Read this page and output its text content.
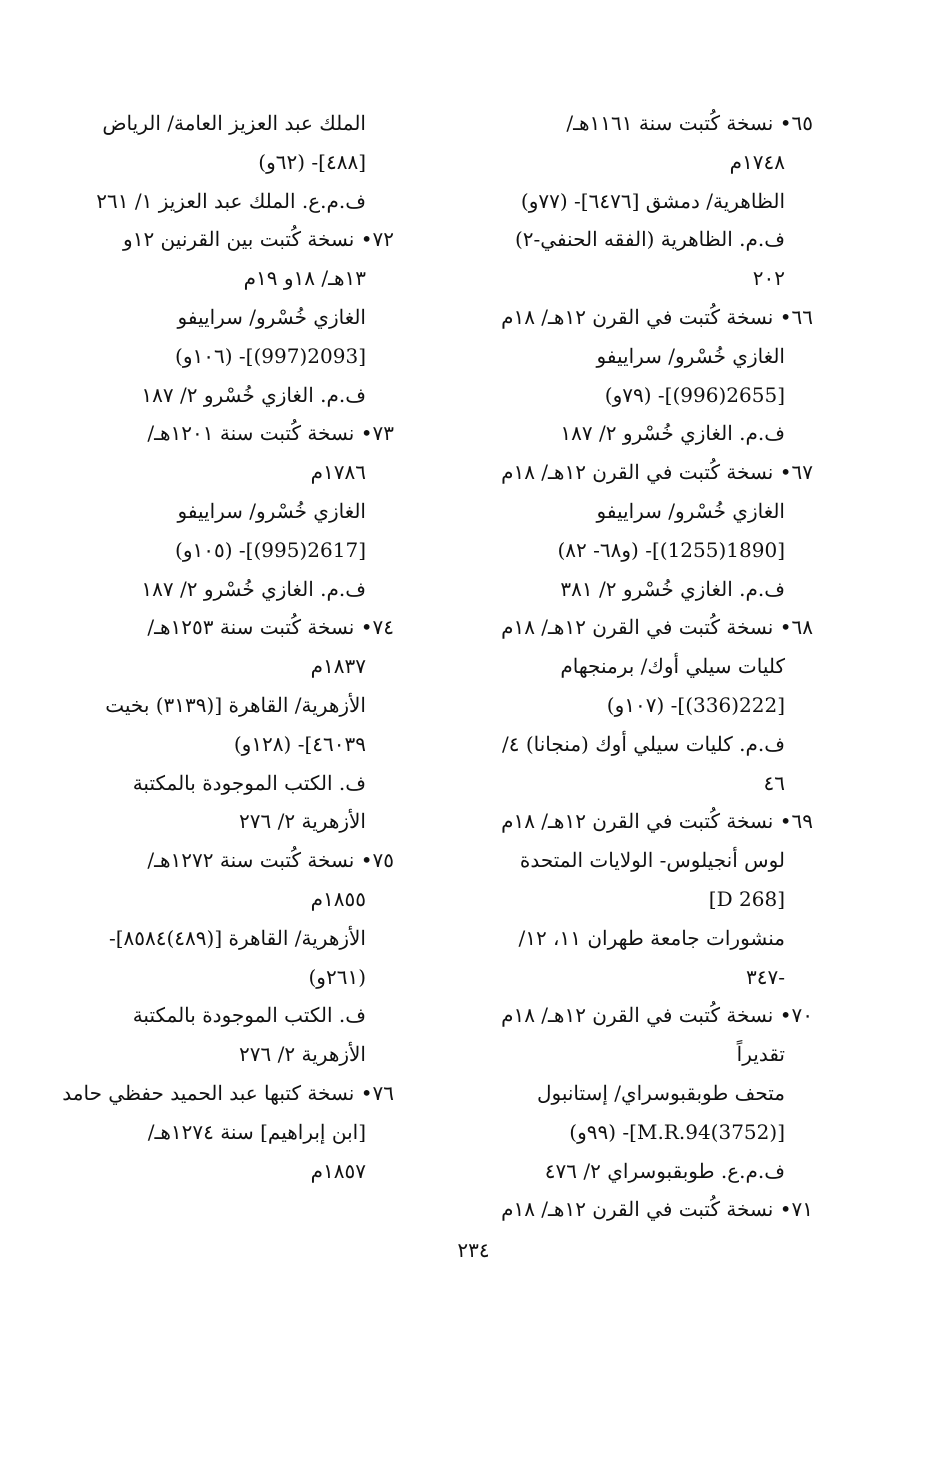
٦٥• نسخة كُتبت سنة ١١٦١هـ/
١٧٤٨م
الظاهرية/ دمشق [٦٤٧٦]- (٧٧و)
ف.م. الظاهرية (الفقه الحنفي-٢)
٢٠٢
٦٦• نسخة كُتبت في القرن ١٢هـ/ ١٨م
الغازي خُسْرو/ سراييفو
[2655(996)]- (٧٩و)
ف.م. الغازي خُسْرو ٢/ ١٨٧
٦٧• نسخة كُتبت في القرن ١٢هـ/ ١٨م
الغازي خُسْرو/ سراييفو
[1890(1255)]- (و٦٨- ٨٢)
ف.م. الغازي خُسْرو ٢/ ٣٨١
٦٨• نسخة كُتبت في القرن ١٢هـ/ ١٨م
كليات سيلي أوك/ برمنجهام
[222(336)]- (١٠٧و)
ف.م. كليات سيلي أوك (منجانا) ٤/
٤٦
٦٩• نسخة كُتبت في القرن ١٢هـ/ ١٨م
لوس أنجيلوس- الولايات المتحدة
[D 268]
منشورات جامعة طهران ١١، ١٢/
-٣٤٧
٧٠• نسخة كُتبت في القرن ١٢هـ/ ١٨م
تقديراً
متحف طوبقبوسراي/ إستانبول
[M.R.94(3752)]- (٩٩و)
ف.م.ع. طوبقبوسراي ٢/ ٤٧٦
٧١• نسخة كُتبت في القرن ١٢هـ/ ١٨م
الملك عبد العزيز العامة/ الرياض
[٤٨٨]- (٦٢و)
ف.م.ع. الملك عبد العزيز ١/ ٢٦١
٧٢• نسخة كُتبت بين القرنين ١٢و
١٣هـ/ ١٨و ١٩م
الغازي خُسْرو/ سراييفو
[2093(997)]- (١٠٦و)
ف.م. الغازي خُسْرو ٢/ ١٨٧
٧٣• نسخة كُتبت سنة ١٢٠١هـ/
١٧٨٦م
الغازي خُسْرو/ سراييفو
[2617(995)]- (١٠٥و)
ف.م. الغازي خُسْرو ٢/ ١٨٧
٧٤• نسخة كُتبت سنة ١٢٥٣هـ/
١٨٣٧م
الأزهرية/ القاهرة [(٣١٣٩) بخيت
٤٦٠٣٩]- (١٢٨و)
ف. الكتب الموجودة بالمكتبة
الأزهرية ٢/ ٢٧٦
٧٥• نسخة كُتبت سنة ١٢٧٢هـ/
١٨٥٥م
الأزهرية/ القاهرة [(٤٨٩)٨٥٨٤]-
(٢٦١و)
ف. الكتب الموجودة بالمكتبة
الأزهرية ٢/ ٢٧٦
٧٦• نسخة كتبها عبد الحميد حفظي حامد
[ابن إبراهيم] سنة ١٢٧٤هـ/
١٨٥٧م
٢٣٤
